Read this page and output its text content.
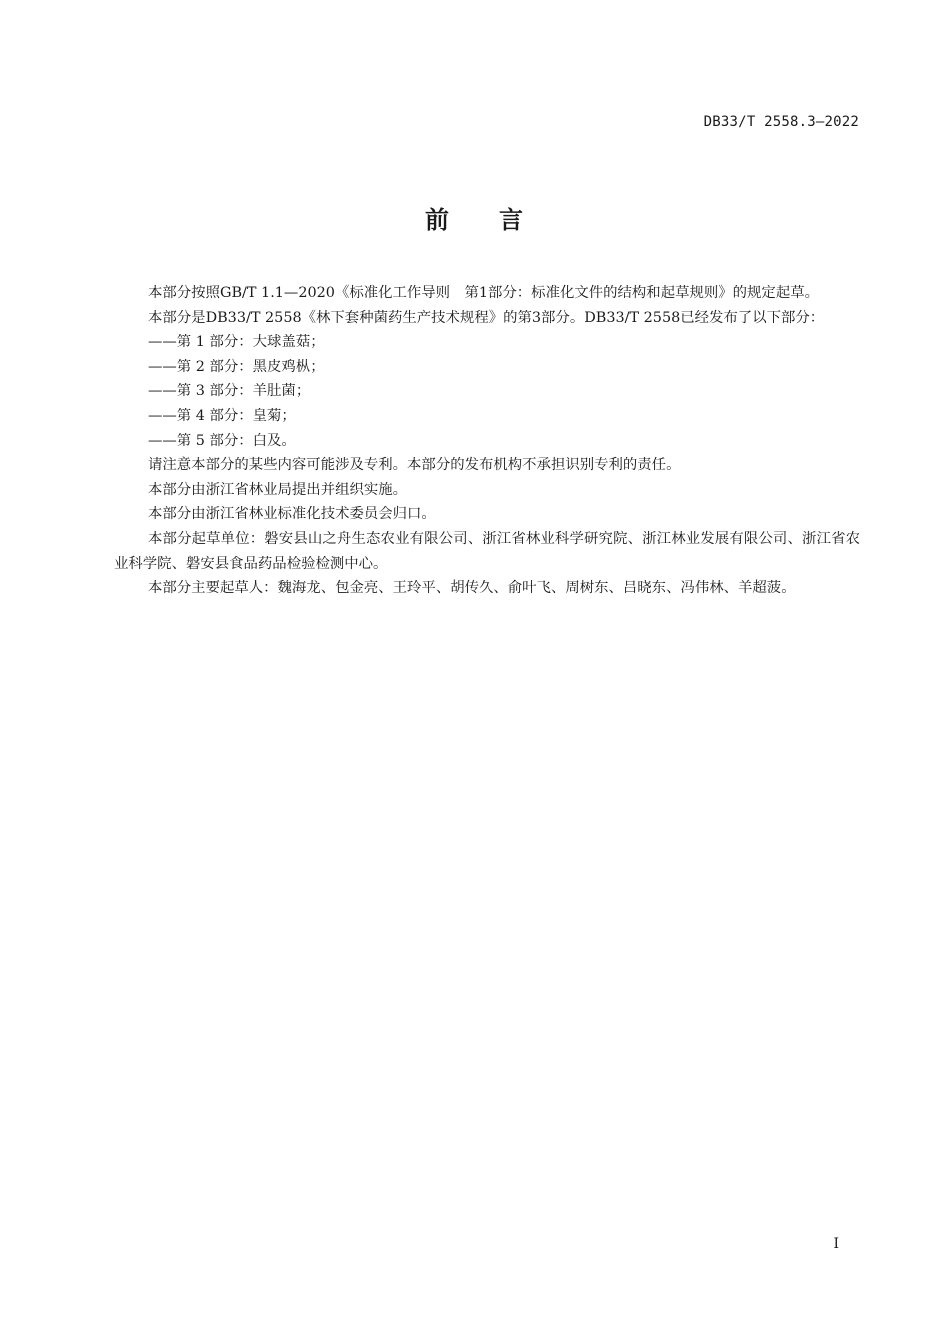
DB33/T 2558.3—2022
前 言

本部分按照GB/T 1.1—2020《标准化工作导则　第1部分：标准化文件的结构和起草规则》的规定起草。

本部分是DB33/T 2558《林下套种菌药生产技术规程》的第3部分。DB33/T 2558已经发布了以下部分：

——第 1 部分：大球盖菇；

——第 2 部分：黑皮鸡枞；

——第 3 部分：羊肚菌；

——第 4 部分：皇菊；

——第 5 部分：白及。

请注意本部分的某些内容可能涉及专利。本部分的发布机构不承担识别专利的责任。

本部分由浙江省林业局提出并组织实施。

本部分由浙江省林业标准化技术委员会归口。

本部分起草单位：磐安县山之舟生态农业有限公司、浙江省林业科学研究院、浙江林业发展有限公司、浙江省农业科学院、磐安县食品药品检验检测中心。

本部分主要起草人：魏海龙、包金亮、王玲平、胡传久、俞叶飞、周树东、吕晓东、冯伟林、羊超菠。

I
